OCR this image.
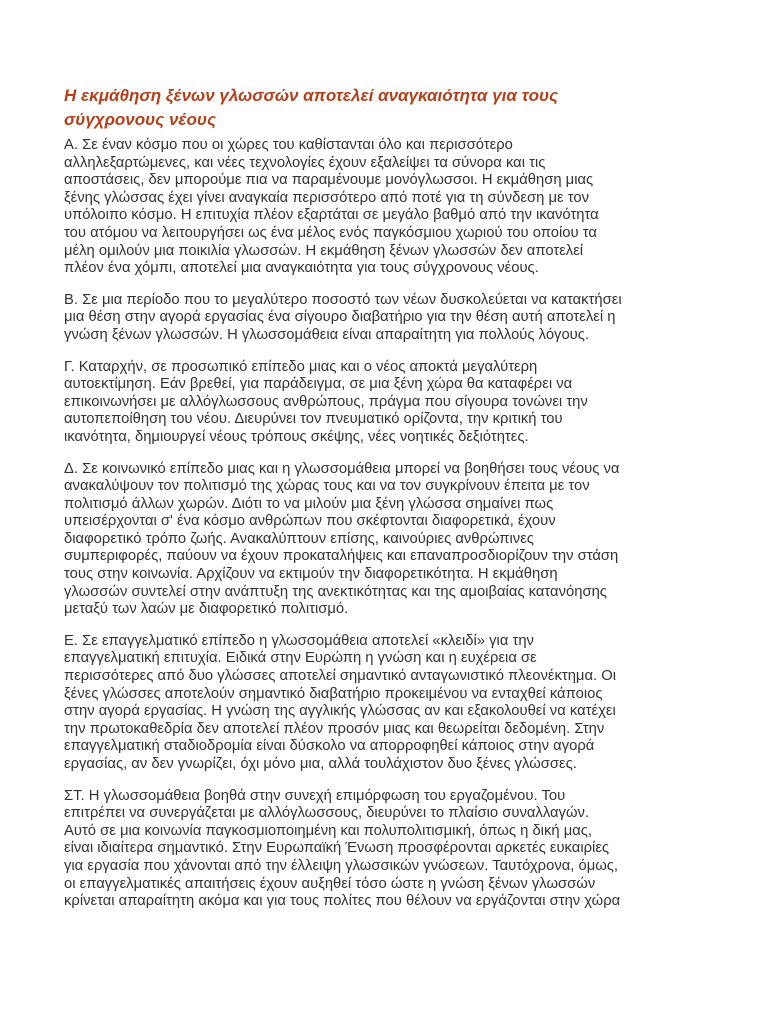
Η εκμάθηση ξένων γλωσσών αποτελεί αναγκαιότητα για τους
σύγχρονους νέους

Α. Σε έναν κόσμο που οι χώρες του καθίστανται όλο και περισσότερο
αλληλεξαρτώμενες, και νέες τεχνολογίες έχουν εξαλείψει τα σύνορα και τις
αποστάσεις, δεν μπορούμε πια να παραμένουμε μονόγλωσσοι. Η εκμάθηση μιας
ξένης γλώσσας έχει γίνει αναγκαία περισσότερο από ποτέ για τη σύνδεση με τον
υπόλοιπο κόσμο. Η επιτυχία πλέον εξαρτάται σε μεγάλο βαθμό από την ικανότητα
του ατόμου να λειτουργήσει ως ένα μέλος ενός παγκόσμιου χωριού του οποίου τα
μέλη ομιλούν μια ποικιλία γλωσσών. Η εκμάθηση ξένων γλωσσών δεν αποτελεί
πλέον ένα χόμπι, αποτελεί μια αναγκαιότητα για τους σύγχρονους νέους.

Β. Σε μια περίοδο που το μεγαλύτερο ποσοστό των νέων δυσκολεύεται να κατακτήσει
μια θέση στην αγορά εργασίας ένα σίγουρο διαβατήριο για την θέση αυτή αποτελεί η
γνώση ξένων γλωσσών. Η γλωσσομάθεια είναι απαραίτητη για πολλούς λόγους.

Γ. Καταρχήν, σε προσωπικό επίπεδο μιας και ο νέος αποκτά μεγαλύτερη
αυτοεκτίμηση. Εάν βρεθεί, για παράδειγμα, σε μια ξένη χώρα θα καταφέρει να
επικοινωνήσει με αλλόγλωσσους ανθρώπους, πράγμα που σίγουρα τονώνει την
αυτοπεποίθηση του νέου. Διευρύνει τον πνευματικό ορίζοντα, την κριτική του
ικανότητα, δημιουργεί νέους τρόπους σκέψης, νέες νοητικές δεξιότητες.

Δ. Σε κοινωνικό επίπεδο μιας και η γλωσσομάθεια μπορεί να βοηθήσει τους νέους να
ανακαλύψουν τον πολιτισμό της χώρας τους και να τον συγκρίνουν έπειτα με τον
πολιτισμό άλλων χωρών. Διότι το να μιλούν μια ξένη γλώσσα σημαίνει πως
υπεισέρχονται σ' ένα κόσμο ανθρώπων που σκέφτονται διαφορετικά, έχουν
διαφορετικό τρόπο ζωής. Ανακαλύπτουν επίσης, καινούριες ανθρώπινες
συμπεριφορές, παύουν να έχουν προκαταλήψεις και επαναπροσδιορίζουν την στάση
τους στην κοινωνία. Αρχίζουν να εκτιμούν την διαφορετικότητα. Η εκμάθηση
γλωσσών συντελεί στην ανάπτυξη της ανεκτικότητας και της αμοιβαίας κατανόησης
μεταξύ των λαών με διαφορετικό πολιτισμό.

Ε. Σε επαγγελματικό επίπεδο η γλωσσομάθεια αποτελεί «κλειδί» για την
επαγγελματική επιτυχία. Ειδικά στην Ευρώπη η γνώση και η ευχέρεια σε
περισσότερες από δυο γλώσσες αποτελεί σημαντικό ανταγωνιστικό πλεονέκτημα. Οι
ξένες γλώσσες αποτελούν σημαντικό διαβατήριο προκειμένου να ενταχθεί κάποιος
στην αγορά εργασίας. Η γνώση της αγγλικής γλώσσας αν και εξακολουθεί να κατέχει
την πρωτοκαθεδρία δεν αποτελεί πλέον προσόν μιας και θεωρείται δεδομένη. Στην
επαγγελματική σταδιοδρομία είναι δύσκολο να απορροφηθεί κάποιος στην αγορά
εργασίας, αν δεν γνωρίζει, όχι μόνο μια, αλλά τουλάχιστον δυο ξένες γλώσσες.

ΣΤ. Η γλωσσομάθεια βοηθά στην συνεχή επιμόρφωση του εργαζομένου. Του
επιτρέπει να συνεργάζεται με αλλόγλωσσους, διευρύνει το πλαίσιο συναλλαγών.
Αυτό σε μια κοινωνία παγκοσμιοποιημένη και πολυπολιτισμική, όπως η δική μας,
είναι ιδιαίτερα σημαντικό. Στην Ευρωπαϊκή Ένωση προσφέρονται αρκετές ευκαιρίες
για εργασία που χάνονται από την έλλειψη γλωσσικών γνώσεων. Ταυτόχρονα, όμως,
οι επαγγελματικές απαιτήσεις έχουν αυξηθεί τόσο ώστε η γνώση ξένων γλωσσών
κρίνεται απαραίτητη ακόμα και για τους πολίτες που θέλουν να εργάζονται στην χώρα
